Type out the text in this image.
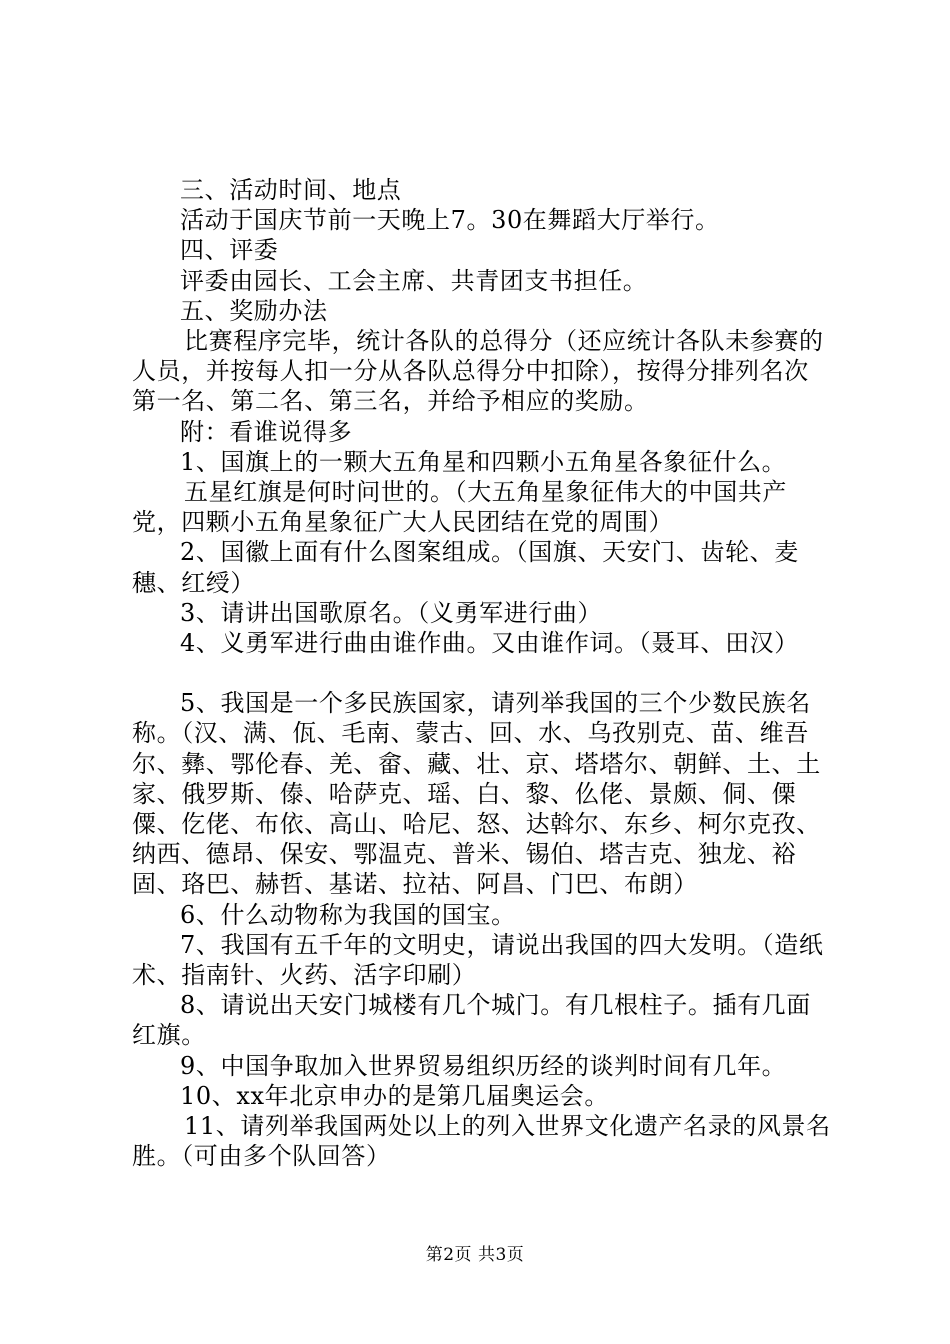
三、活动时间、地点

活动于国庆节前一天晚上7。30在舞蹈大厅举行。

四、评委

评委由园长、工会主席、共青团支书担任。

五、奖励办法

比赛程序完毕，统计各队的总得分（还应统计各队未参赛的人员，并按每人扣一分从各队总得分中扣除），按得分排列名次第一名、第二名、第三名，并给予相应的奖励。

附：看谁说得多

1、国旗上的一颗大五角星和四颗小五角星各象征什么。

五星红旗是何时问世的。（大五角星象征伟大的中国共产党，四颗小五角星象征广大人民团结在党的周围）

2、国徽上面有什么图案组成。（国旗、天安门、齿轮、麦穗、红绶）

3、请讲出国歌原名。（义勇军进行曲）

4、义勇军进行曲由谁作曲。又由谁作词。（聂耳、田汉）

5、我国是一个多民族国家，请列举我国的三个少数民族名称。（汉、满、佤、毛南、蒙古、回、水、乌孜别克、苗、维吾尔、彝、鄂伦春、羌、畲、藏、壮、京、塔塔尔、朝鲜、土、土家、俄罗斯、傣、哈萨克、瑶、白、黎、仫佬、景颇、侗、傈僳、仡佬、布依、高山、哈尼、怒、达斡尔、东乡、柯尔克孜、纳西、德昂、保安、鄂温克、普米、锡伯、塔吉克、独龙、裕固、珞巴、赫哲、基诺、拉祜、阿昌、门巴、布朗）

6、什么动物称为我国的国宝。

7、我国有五千年的文明史，请说出我国的四大发明。（造纸术、指南针、火药、活字印刷）

8、请说出天安门城楼有几个城门。有几根柱子。插有几面红旗。

9、中国争取加入世界贸易组织历经的谈判时间有几年。

10、xx年北京申办的是第几届奥运会。

11、请列举我国两处以上的列入世界文化遗产名录的风景名胜。（可由多个队回答）

第2页 共3页
